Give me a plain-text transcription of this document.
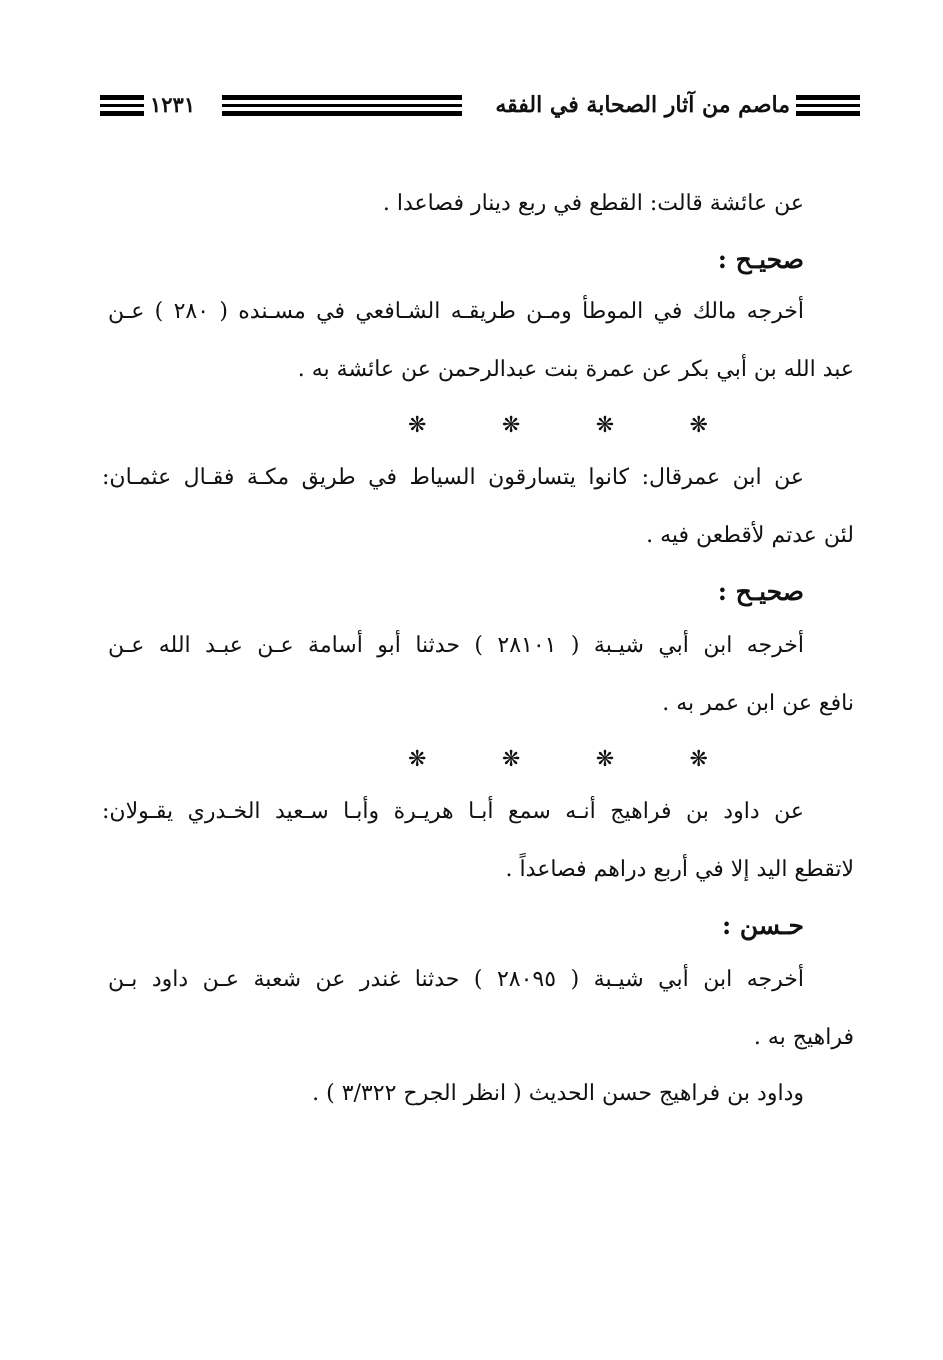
ماصم من آثار الصحابة في الفقه
١٢٣١
عن عائشة قالت: القطع في ربع دينار فصاعدا .
صحيـح :
أخرجه مالك في الموطأ ومـن طريقـه الشـافعي في مسـنده ( ٢٨٠ ) عـن
عبد الله بن أبي بكر عن عمرة بنت عبدالرحمن عن عائشة به .
❋	❋	❋	❋
عن ابن عمرقال: كانوا يتسارقون السياط في طريق مكـة فقـال عثمـان:
لئن عدتم لأقطعن فيه .
صحيـح :
أخرجه ابن أبي شيـبة ( ٢٨١٠١ ) حدثنا أبو أسامة عـن عبـد الله عـن
نافع عن ابن عمر به .
❋	❋	❋	❋
عن داود بن فراهيج أنـه سمع أبـا هريـرة وأبـا سـعيد الخـدري يقـولان:
لاتقطع اليد إلا في أربع دراهم فصاعداً .
حـسن :
أخرجه ابن أبي شيـبة ( ٢٨٠٩٥ ) حدثنا غندر عن شعبة عـن داود بـن
فراهيج به .
وداود بن فراهيج حسن الحديث ( انظر الجرح ٣/٣٢٢ ) .
